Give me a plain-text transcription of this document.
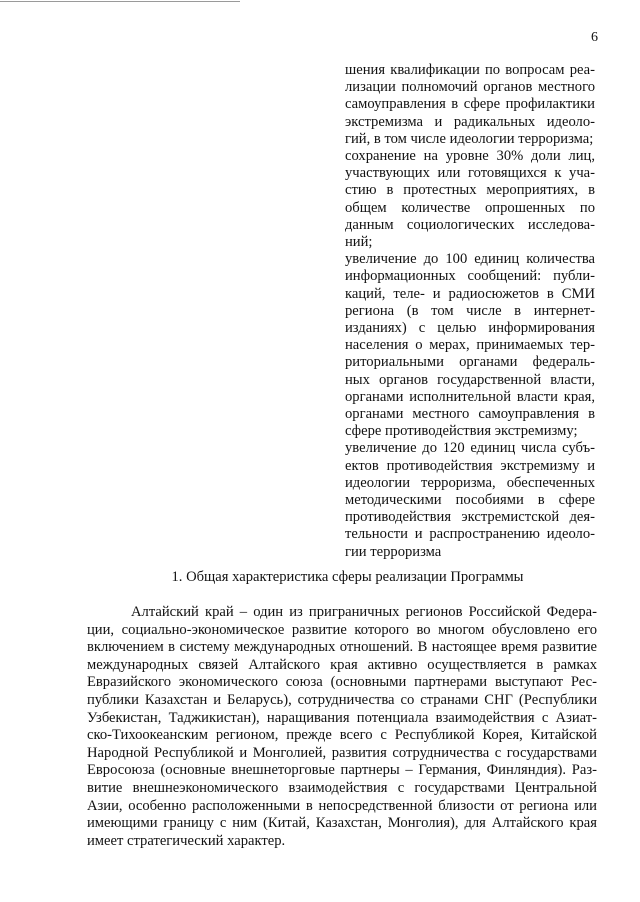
6

шения квалификации по вопросам реа-

лизации полномочий органов местного

самоуправления в сфере профилактики

экстремизма и радикальных идеоло-

гий, в том числе идеологии терроризма;

сохранение на уровне 30% доли лиц,

участвующих или готовящихся к уча-

стию в протестных мероприятиях, в

общем количестве опрошенных по

данным социологических исследова-

ний;

увеличение до 100 единиц количества

информационных сообщений: публи-

каций, теле- и радиосюжетов в СМИ

региона (в том числе в интернет-

изданиях) с целью информирования

населения о мерах, принимаемых тер-

риториальными органами федераль-

ных органов государственной власти,

органами исполнительной власти края,

органами местного самоуправления в

сфере противодействия экстремизму;

увеличение до 120 единиц числа субъ-

ектов противодействия экстремизму и

идеологии терроризма, обеспеченных

методическими пособиями в сфере

противодействия экстремистской дея-

тельности и распространению идеоло-

гии терроризма

1. Общая характеристика сферы реализации Программы
Алтайский край – один из приграничных регионов Российской Федера-
ции, социально-экономическое развитие которого во многом обусловлено его
включением в систему международных отношений. В настоящее время развитие
международных связей Алтайского края активно осуществляется в рамках
Евразийского экономического союза (основными партнерами выступают Рес-
публики Казахстан и Беларусь), сотрудничества со странами СНГ (Республики
Узбекистан, Таджикистан), наращивания потенциала взаимодействия с Азиат-
ско-Тихоокеанским регионом, прежде всего с Республикой Корея, Китайской
Народной Республикой и Монголией, развития сотрудничества с государствами
Евросоюза (основные внешнеторговые партнеры – Германия, Финляндия). Раз-
витие внешнеэкономического взаимодействия с государствами Центральной
Азии, особенно расположенными в непосредственной близости от региона или
имеющими границу с ним (Китай, Казахстан, Монголия), для Алтайского края
имеет стратегический характер.
